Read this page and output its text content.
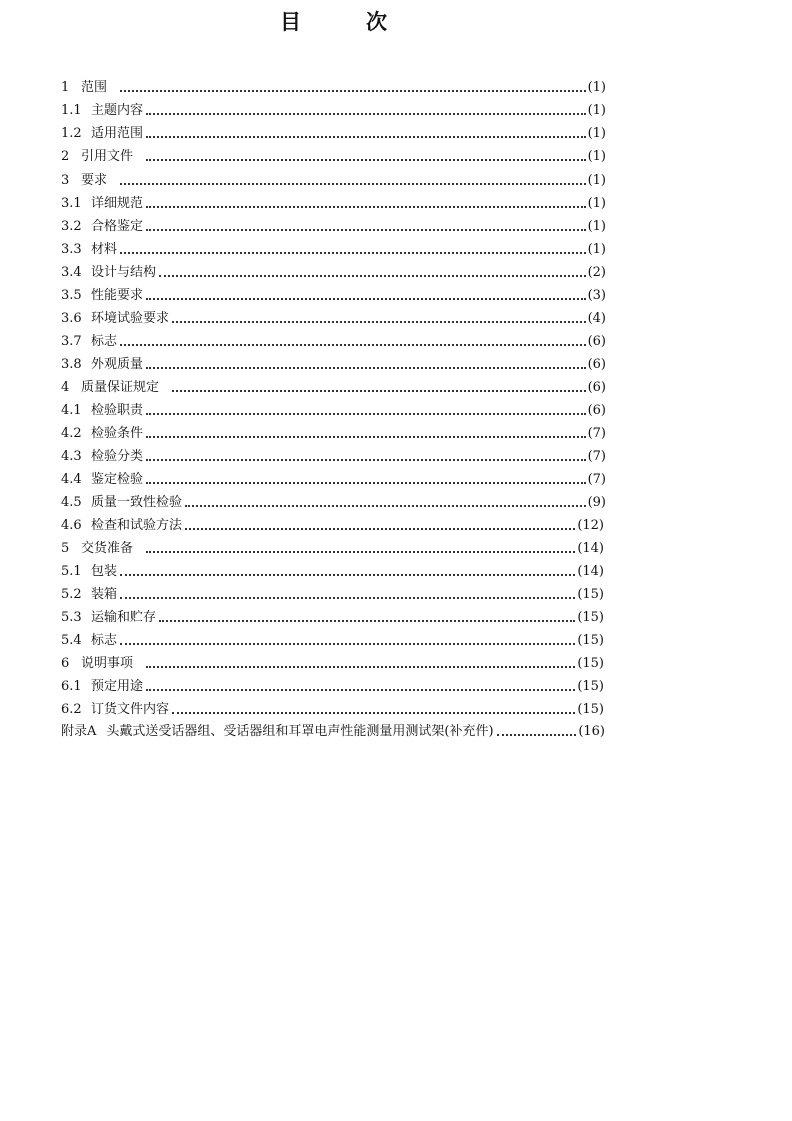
目	次
1 范围	(1)
1.1 主题内容	(1)
1.2 适用范围	(1)
2 引用文件	(1)
3 要求	(1)
3.1 详细规范	(1)
3.2 合格鉴定	(1)
3.3 材料	(1)
3.4 设计与结构	(2)
3.5 性能要求	(3)
3.6 环境试验要求	(4)
3.7 标志	(6)
3.8 外观质量	(6)
4 质量保证规定	(6)
4.1 检验职责	(6)
4.2 检验条件	(7)
4.3 检验分类	(7)
4.4 鉴定检验	(7)
4.5 质量一致性检验	(9)
4.6 检查和试验方法	(12)
5 交货准备	(14)
5.1 包装	(14)
5.2 装箱	(15)
5.3 运输和贮存	(15)
5.4 标志	(15)
6 说明事项	(15)
6.1 预定用途	(15)
6.2 订货文件内容	(15)
附录A 头戴式送受话器组、受话器组和耳罩电声性能测量用测试架(补充件)	(16)
